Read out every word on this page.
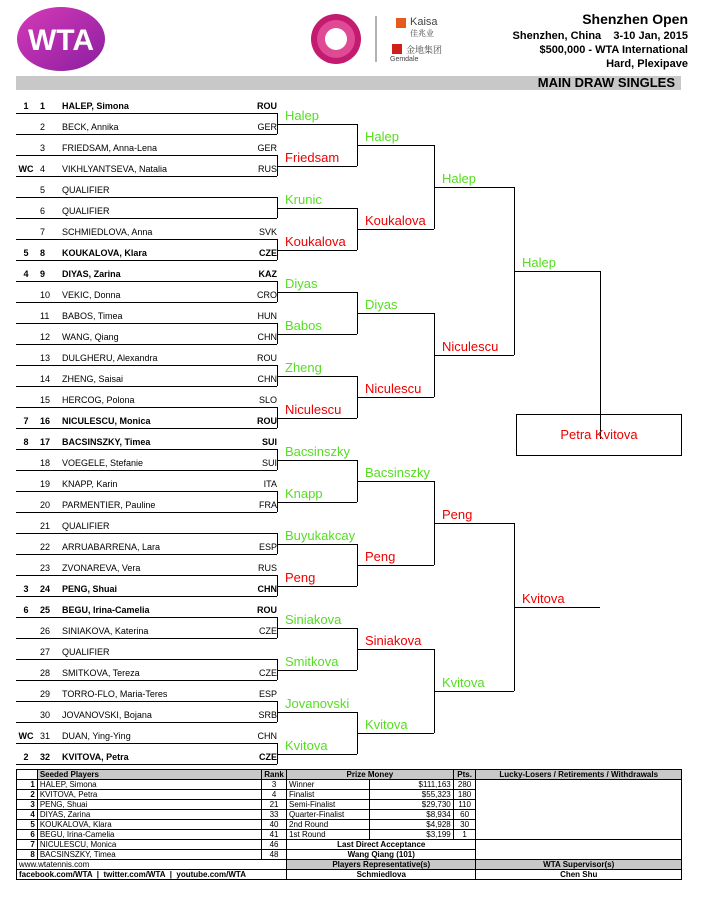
WTA
Kaisa
佳兆业
金地集团
Gemdale
Shenzhen Open
Shenzhen, China    3-10 Jan, 2015
$500,000 - WTA International
Hard, Plexipave
MAIN DRAW SINGLES
1	1 HALEP, Simona	ROU
2 BECK, Annika	GER
3 FRIEDSAM, Anna-Lena	GER
WC 4 VIKHLYANTSEVA, Natalia	RUS
5 QUALIFIER
6 QUALIFIER
7 SCHMIEDLOVA, Anna	SVK
5	8 KOUKALOVA, Klara	CZE
4	9 DIYAS, Zarina	KAZ
10 VEKIC, Donna	CRO
11 BABOS, Timea	HUN
12 WANG, Qiang	CHN
13 DULGHERU, Alexandra	ROU
14 ZHENG, Saisai	CHN
15 HERCOG, Polona	SLO
7	16 NICULESCU, Monica	ROU
8	17 BACSINSZKY, Timea	SUI
18 VOEGELE, Stefanie	SUI
19 KNAPP, Karin	ITA
20 PARMENTIER, Pauline	FRA
21 QUALIFIER
22 ARRUABARRENA, Lara	ESP
23 ZVONAREVA, Vera	RUS
3	24 PENG, Shuai	CHN
6	25 BEGU, Irina-Camelia	ROU
26 SINIAKOVA, Katerina	CZE
27 QUALIFIER
28 SMITKOVA, Tereza	CZE
29 TORRO-FLO, Maria-Teres	ESP
30 JOVANOVSKI, Bojana	SRB
WC 31 DUAN, Ying-Ying	CHN
2	32 KVITOVA, Petra	CZE
Halep
Friedsam
Krunic
Koukalova
Diyas
Babos
Zheng
Niculescu
Bacsinszky
Knapp
Buyukakcay
Peng
Siniakova
Smitkova
Jovanovski
Kvitova
Halep
Koukalova
Diyas
Niculescu
Bacsinszky
Peng
Siniakova
Kvitova
Halep
Niculescu
Peng
Kvitova
Halep
Kvitova
Petra Kvitova
	Seeded Players	Rank	Prize Money		Pts.	Lucky-Losers / Retirements / Withdrawals
1	HALEP, Simona	3	Winner	$111,163	280	
2	KVITOVA, Petra	4	Finalist	$55,323	180	
3	PENG, Shuai	21	Semi-Finalist	$29,730	110	
4	DIYAS, Zarina	33	Quarter-Finalist	$8,934	60	
5	KOUKALOVA, Klara	40	2nd Round	$4,928	30	
6	BEGU, Irina-Camelia	41	1st Round	$3,199	1	
7	NICULESCU, Monica	46	Last Direct Acceptance			
8	BACSINSZKY, Timea	48	Wang Qiang (101)			
www.wtatennis.com			Players Representative(s)			WTA Supervisor(s)
facebook.com/WTA  |  twitter.com/WTA  |  youtube.com/WTA			Schmiedlova			Chen Shu
